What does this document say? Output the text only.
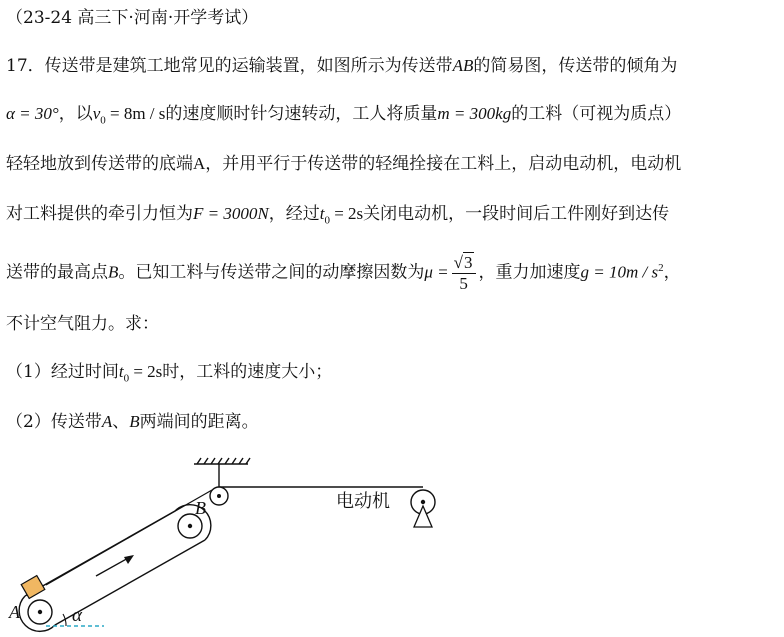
（23-24 高三下·河南·开学考试）
17．传送带是建筑工地常见的运输装置，如图所示为传送带AB的简易图，传送带的倾角为
α = 30°，以$v_0 = 8m / s$的速度顺时针匀速转动，工人将质量m = 300kg的工料（可视为质点）
轻轻地放到传送带的底端A，并用平行于传送带的轻绳拴接在工料上，启动电动机，电动机
对工料提供的牵引力恒为F = 3000N，经过$t_0 = 2s$关闭电动机，一段时间后工件刚好到达传
送带的最高点B。已知工料与传送带之间的动摩擦因数为$\mu = \frac{√3}{5}$ ，重力加速度$g = 10m / s^2$，
不计空气阻力。求：
（1）经过时间$t_0 = 2s$时，工料的速度大小；
（2）传送带A、B两端间的距离。
A
B
α
电动机
